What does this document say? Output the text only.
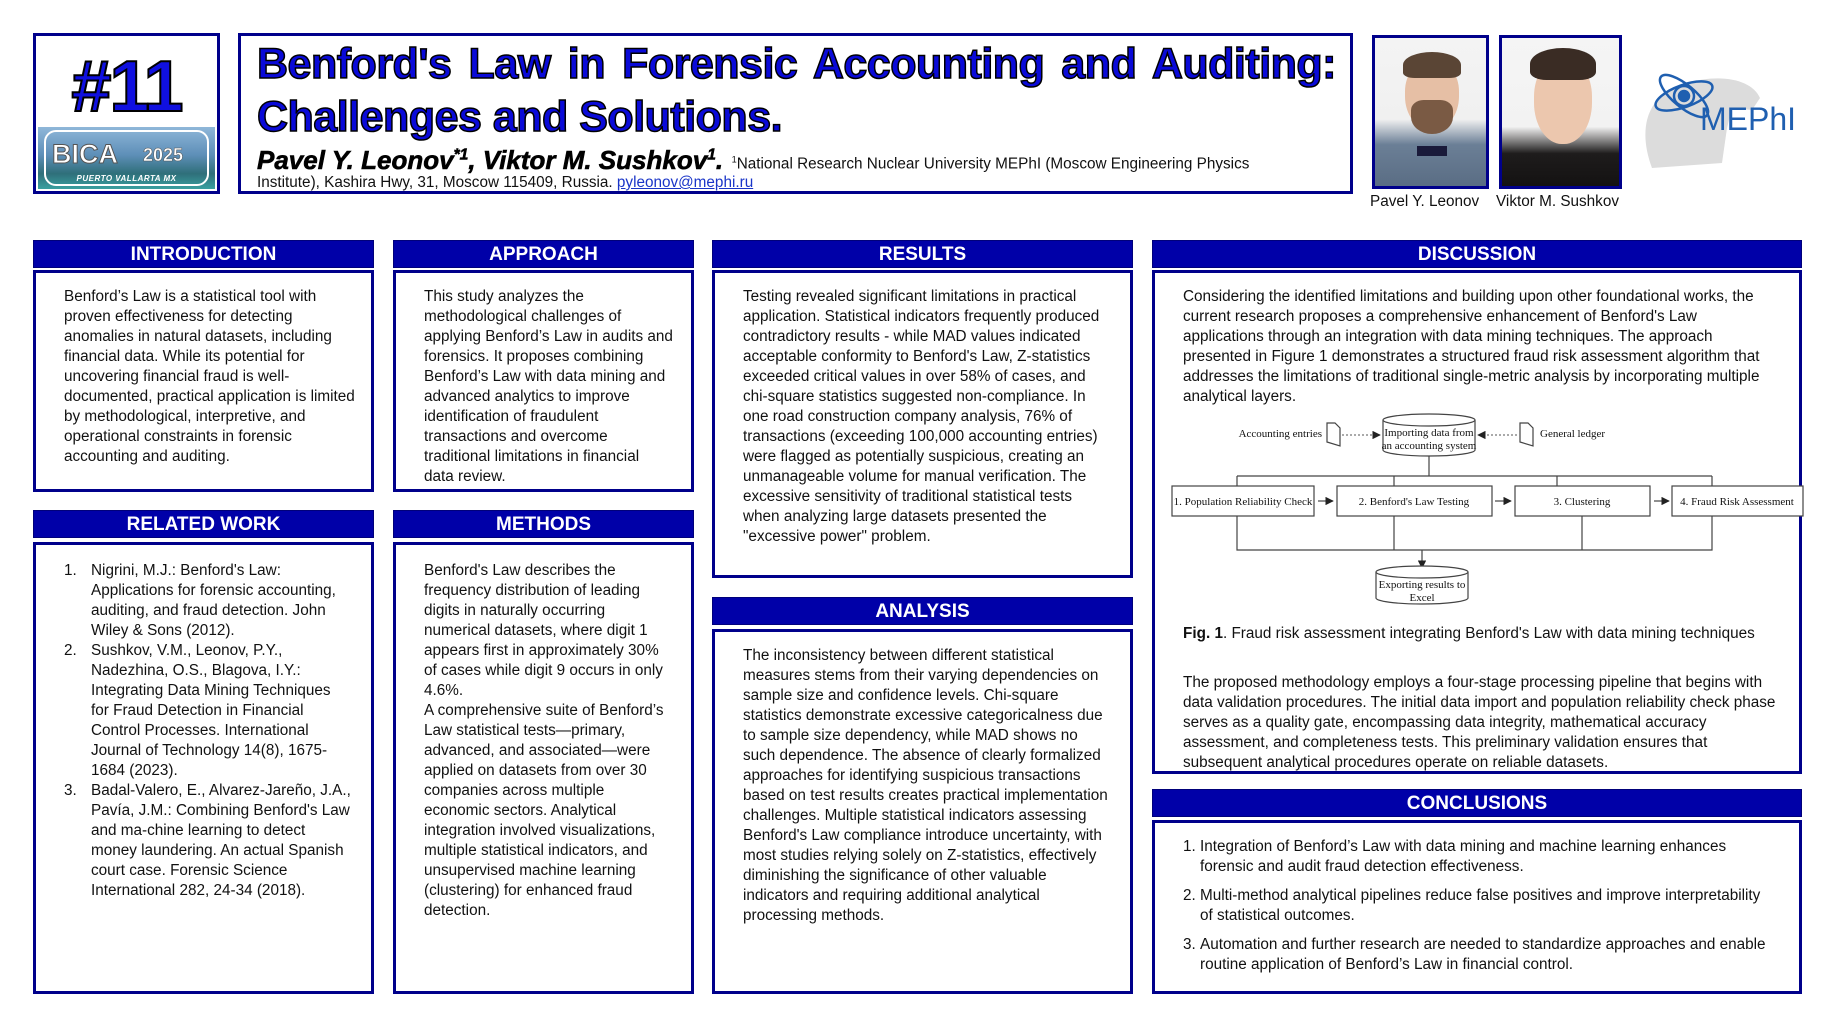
#11
BICA 2025
PUERTO VALLARTA MX
Benford's Law in Forensic Accounting and Auditing: Challenges and Solutions.
Pavel Y. Leonov$^{*1}$, Viktor M. Sushkov$^1$. $^1$National Research Nuclear University MEPhI (Moscow Engineering Physics
Institute), Kashira Hwy, 31, Moscow 115409, Russia. pyleonov@mephi.ru
Pavel Y. Leonov Viktor M. Sushkov
MEPhI
INTRODUCTION

Benford’s Law is a statistical tool with proven effectiveness for detecting anomalies in natural datasets, including financial data. While its potential for uncovering financial fraud is well-documented, practical application is limited by methodological, interpretive, and operational constraints in forensic accounting and auditing.

RELATED WORK
1. Nigrini, M.J.: Benford's Law: Applications for forensic accounting, auditing, and fraud detection. John Wiley & Sons (2012).
2. Sushkov, V.M., Leonov, P.Y., Nadezhina, O.S., Blagova, I.Y.: Integrating Data Mining Techniques for Fraud Detection in Financial Control Processes. International Journal of Technology 14(8), 1675-1684 (2023).
3. Badal-Valero, E., Alvarez-Jareño, J.A., Pavía, J.M.: Combining Benford's Law and ma-chine learning to detect money laundering. An actual Spanish court case. Forensic Science International 282, 24-34 (2018).
APPROACH

This study analyzes the methodological challenges of applying Benford’s Law in audits and forensics. It proposes combining Benford’s Law with data mining and advanced analytics to improve identification of fraudulent transactions and overcome traditional limitations in financial data review.

METHODS

Benford's Law describes the frequency distribution of leading digits in naturally occurring numerical datasets, where digit 1 appears first in approximately 30% of cases while digit 9 occurs in only 4.6%.

A comprehensive suite of Benford’s Law statistical tests—primary, advanced, and associated—were applied on datasets from over 30 companies across multiple economic sectors. Analytical integration involved visualizations, multiple statistical indicators, and unsupervised machine learning (clustering) for enhanced fraud detection.

RESULTS

Testing revealed significant limitations in practical application. Statistical indicators frequently produced contradictory results - while MAD values indicated acceptable conformity to Benford's Law, Z-statistics exceeded critical values in over 58% of cases, and chi-square statistics suggested non-compliance. In one road construction company analysis, 76% of transactions (exceeding 100,000 accounting entries) were flagged as potentially suspicious, creating an unmanageable volume for manual verification. The excessive sensitivity of traditional statistical tests when analyzing large datasets presented the "excessive power" problem.

ANALYSIS

The inconsistency between different statistical measures stems from their varying dependencies on sample size and confidence levels. Chi-square statistics demonstrate excessive categoricalness due to sample size dependency, while MAD shows no such dependence. The absence of clearly formalized approaches for identifying suspicious transactions based on test results creates practical implementation challenges. Multiple statistical indicators assessing Benford's Law compliance introduce uncertainty, with most studies relying solely on Z-statistics, effectively diminishing the significance of other valuable indicators and requiring additional analytical processing methods.

DISCUSSION

Considering the identified limitations and building upon other foundational works, the current research proposes a comprehensive enhancement of Benford's Law applications through an integration with data mining techniques. The approach presented in Figure 1 demonstrates a structured fraud risk assessment algorithm that addresses the limitations of traditional single-metric analysis by incorporating multiple analytical layers.

Accounting entries	Importing data from
an accounting system
General ledger
1. Population Reliability Check	2. Benford's Law Testing	3. Clustering	4. Fraud Risk Assessment
Exporting results to
Excel
Fig. 1. Fraud risk assessment integrating Benford's Law with data mining techniques
The proposed methodology employs a four-stage processing pipeline that begins with data validation procedures. The initial data import and population reliability check phase serves as a quality gate, encompassing data integrity, mathematical accuracy assessment, and completeness tests. This preliminary validation ensures that subsequent analytical procedures operate on reliable datasets.
CONCLUSIONS
1. Integration of Benford’s Law with data mining and machine learning enhances forensic and audit fraud detection effectiveness.
2. Multi-method analytical pipelines reduce false positives and improve interpretability of statistical outcomes.
3. Automation and further research are needed to standardize approaches and enable routine application of Benford’s Law in financial control.
